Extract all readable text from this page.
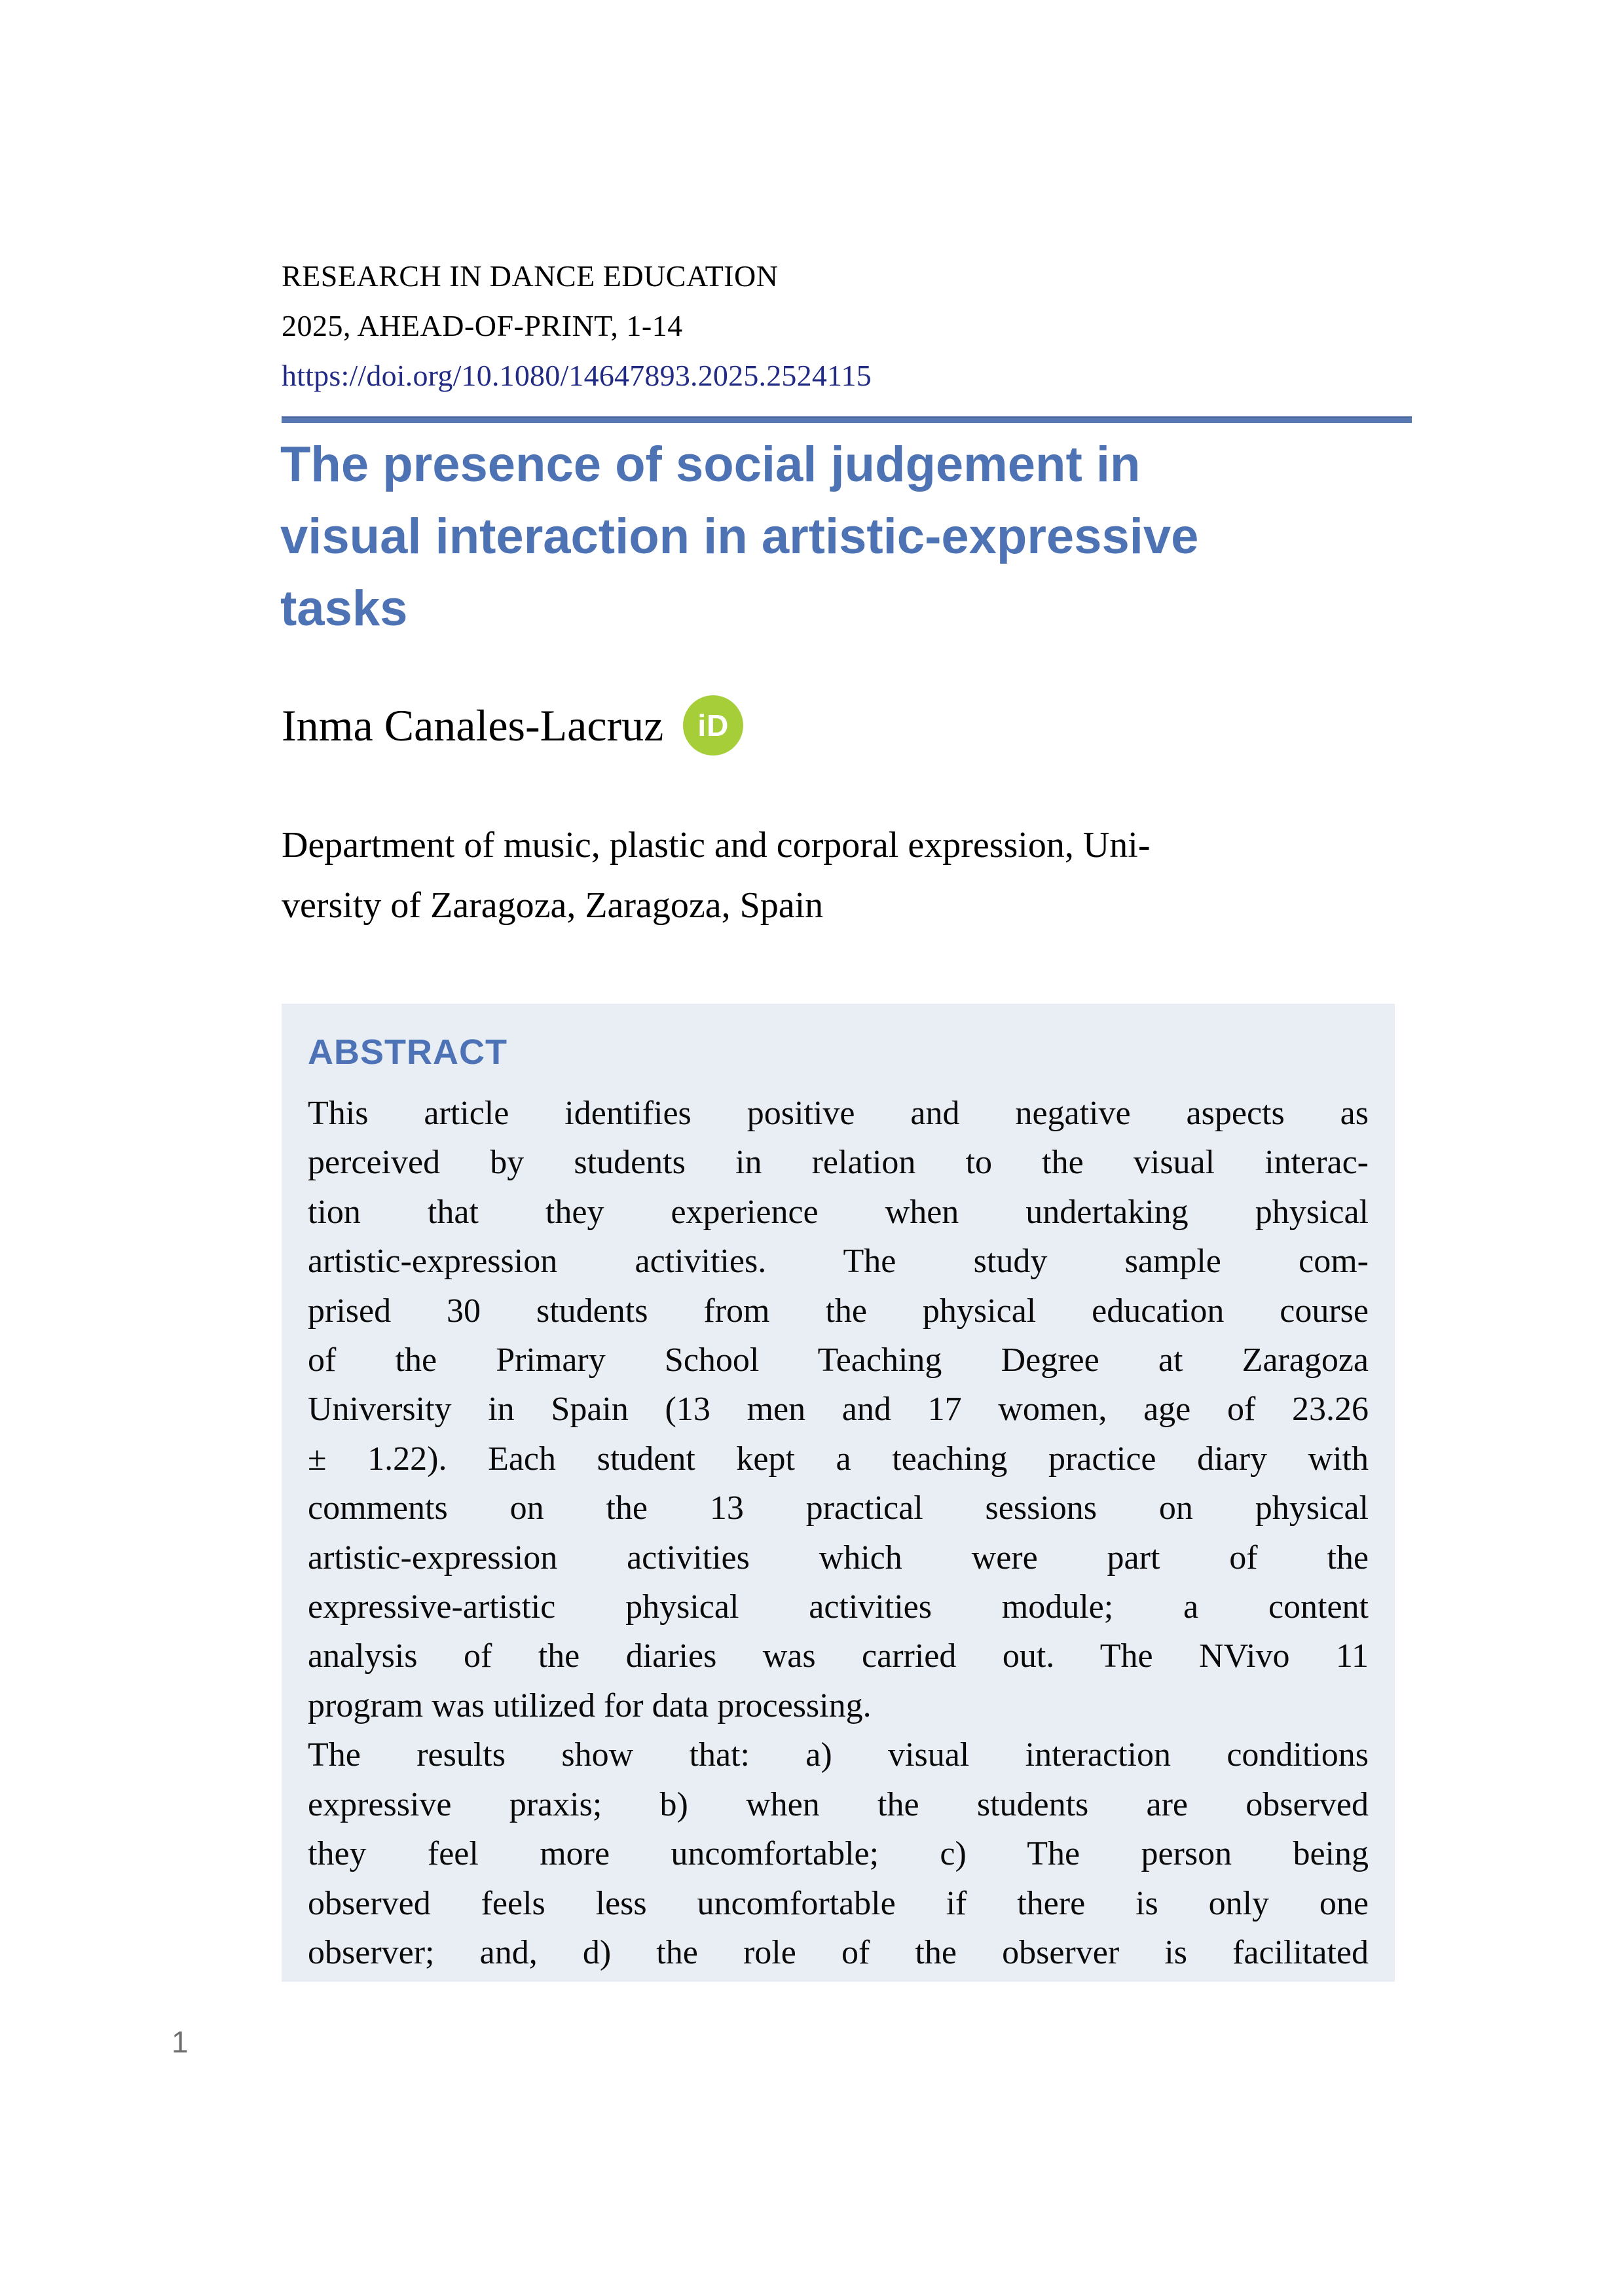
RESEARCH IN DANCE EDUCATION
2025, AHEAD-OF-PRINT, 1-14
https://doi.org/10.1080/14647893.2025.2524115
The presence of social judgement in
visual interaction in artistic-expressive
tasks
Inma Canales-Lacruz	iD
Department of music, plastic and corporal expression, Uni-
versity of Zaragoza, Zaragoza, Spain
ABSTRACT
This article identifies positive and negative aspects as
perceived by students in relation to the visual interac-
tion that they experience when undertaking physical
artistic-expression activities. The study sample com-
prised 30 students from the physical education course
of the Primary School Teaching Degree at Zaragoza
University in Spain (13 men and 17 women, age of 23.26
± 1.22). Each student kept a teaching practice diary with
comments on the 13 practical sessions on physical
artistic-expression activities which were part of the
expressive-artistic physical activities module; a content
analysis of the diaries was carried out. The NVivo 11
program was utilized for data processing.
The results show that: a) visual interaction conditions
expressive praxis; b) when the students are observed
they feel more uncomfortable; c) The person being
observed feels less uncomfortable if there is only one
observer; and, d) the role of the observer is facilitated
1
